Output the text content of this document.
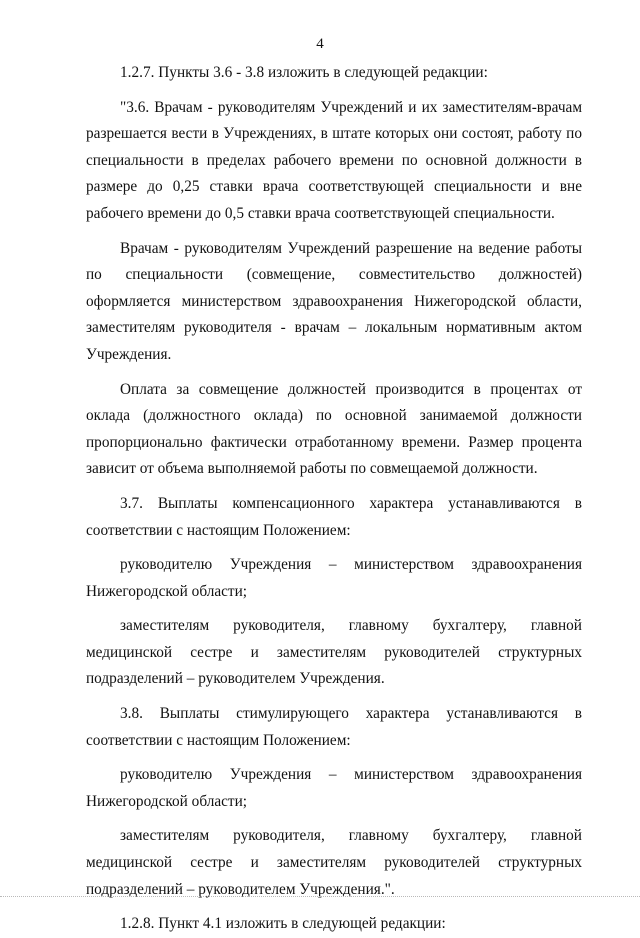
4

1.2.7. Пункты 3.6 - 3.8 изложить в следующей редакции:

"3.6. Врачам - руководителям Учреждений и их заместителям-врачам разрешается вести в Учреждениях, в штате которых они состоят, работу по специальности в пределах рабочего времени по основной должности в размере до 0,25 ставки врача соответствующей специальности и вне рабочего времени до 0,5 ставки врача соответствующей специальности.

Врачам - руководителям Учреждений разрешение на ведение работы по специальности (совмещение, совместительство должностей) оформляется министерством здравоохранения Нижегородской области, заместителям руководителя - врачам – локальным нормативным актом Учреждения.

Оплата за совмещение должностей производится в процентах от оклада (должностного оклада) по основной занимаемой должности пропорционально фактически отработанному времени. Размер процента зависит от объема выполняемой работы по совмещаемой должности.

3.7. Выплаты компенсационного характера устанавливаются в соответствии с настоящим Положением:

руководителю Учреждения – министерством здравоохранения Нижегородской области;

заместителям руководителя, главному бухгалтеру, главной медицинской сестре и заместителям руководителей структурных подразделений – руководителем Учреждения.

3.8. Выплаты стимулирующего характера устанавливаются в соответствии с настоящим Положением:

руководителю Учреждения – министерством здравоохранения Нижегородской области;

заместителям руководителя, главному бухгалтеру, главной медицинской сестре и заместителям руководителей структурных подразделений – руководителем Учреждения.".

1.2.8. Пункт 4.1 изложить в следующей редакции:
